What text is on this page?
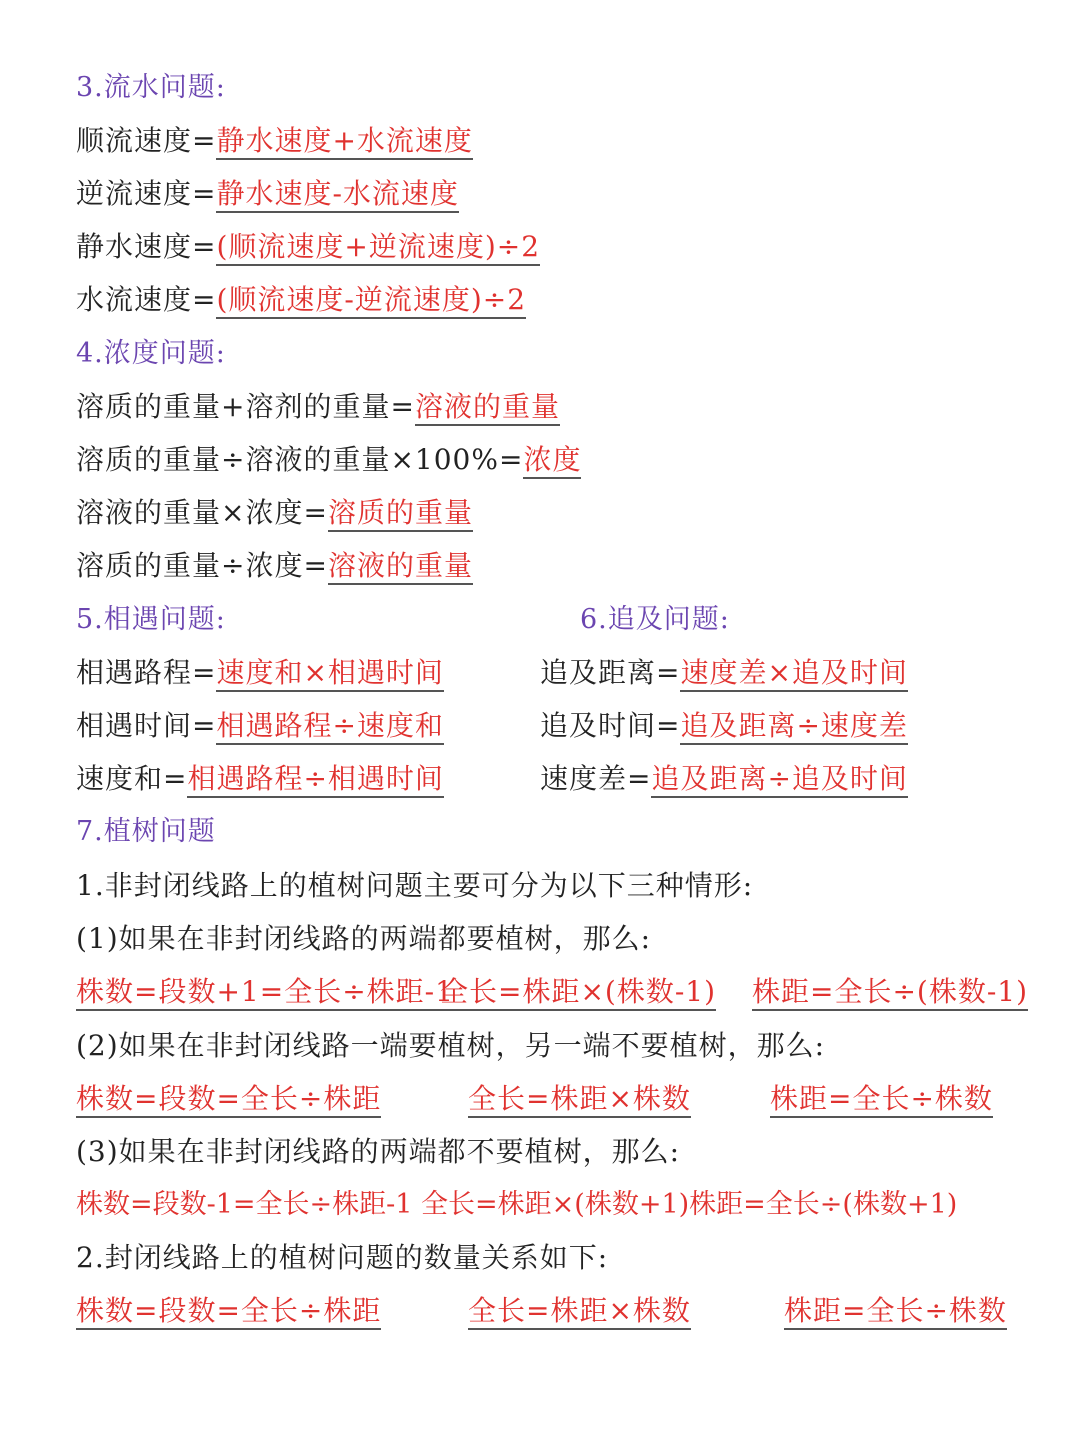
3.流水问题:
顺流速度=静水速度+水流速度
逆流速度=静水速度-水流速度
静水速度=(顺流速度+逆流速度)÷2
水流速度=(顺流速度-逆流速度)÷2
4.浓度问题:
溶质的重量+溶剂的重量=溶液的重量
溶质的重量÷溶液的重量×100%=浓度
溶液的重量×浓度=溶质的重量
溶质的重量÷浓度=溶液的重量
5.相遇问题:
相遇路程=速度和×相遇时间
相遇时间=相遇路程÷速度和
速度和=相遇路程÷相遇时间
6.追及问题:
追及距离=速度差×追及时间
追及时间=追及距离÷速度差
速度差=追及距离÷追及时间
7.植树问题
1.非封闭线路上的植树问题主要可分为以下三种情形:
(1)如果在非封闭线路的两端都要植树，那么:
株数=段数+1=全长÷株距-1
全长=株距×(株数-1) 株距=全长÷(株数-1)
(2)如果在非封闭线路一端要植树，另一端不要植树，那么:
株数=段数=全长÷株距	全长=株距×株数	株距=全长÷株数
(3)如果在非封闭线路的两端都不要植树，那么:
株数=段数-1=全长÷株距-1 全长=株距×(株数+1)株距=全长÷(株数+1)
2.封闭线路上的植树问题的数量关系如下:
株数=段数=全长÷株距	全长=株距×株数	株距=全长÷株数
